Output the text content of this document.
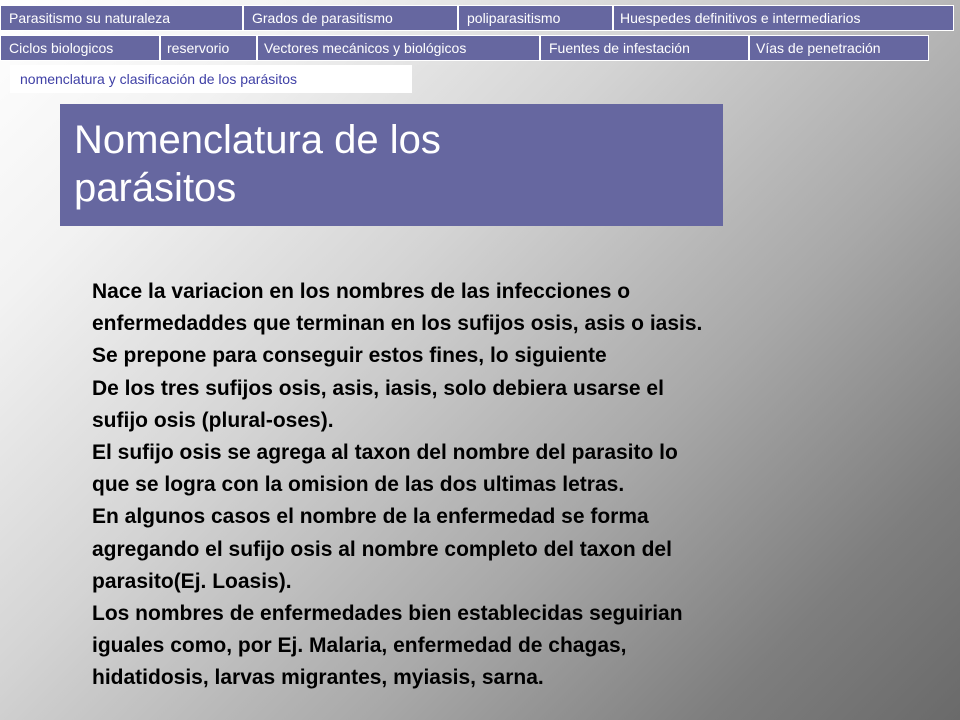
Parasitismo su naturaleza	Grados de parasitismo	poliparasitismo	Huespedes definitivos e intermediarios
Ciclos biologicos	reservorio	Vectores mecánicos y biológicos	Fuentes de infestación	Vías de penetración
nomenclatura y clasificación de los parásitos
Nomenclatura de los parásitos
Nace la variacion en los nombres de las infecciones o
enfermedaddes que terminan en los sufijos osis, asis o iasis.
Se prepone para conseguir estos fines, lo siguiente
De los tres sufijos osis, asis, iasis, solo debiera usarse el
sufijo osis (plural-oses).
El sufijo osis se agrega al taxon del nombre del parasito lo
que se logra con la omision de las dos ultimas letras.
En algunos casos el nombre de la enfermedad se forma
agregando el sufijo osis al nombre completo del taxon del
parasito(Ej. Loasis).
Los nombres de enfermedades bien establecidas seguirian
iguales como, por Ej. Malaria, enfermedad de chagas,
hidatidosis, larvas migrantes, myiasis, sarna.
